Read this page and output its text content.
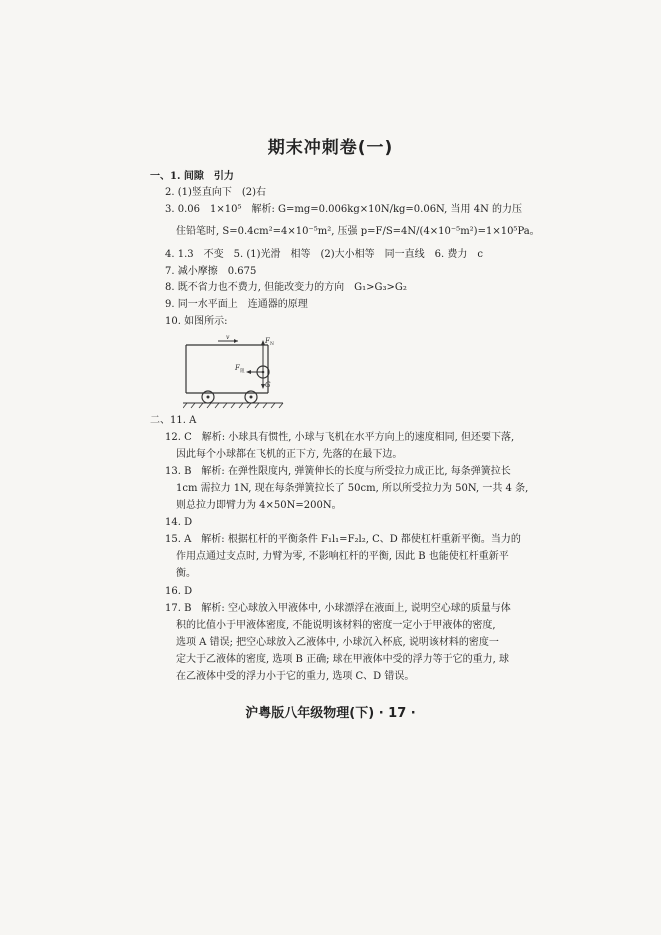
期末冲刺卷(一)
一、1. 间隙　引力
2. (1)竖直向下　(2)右
3. 0.06　1×10⁵　解析: G=mg=0.006kg×10N/kg=0.06N, 当用 4N 的力压
住铅笔时, S=0.4cm²=4×10⁻⁵m², 压强 p=F/S=4N/(4×10⁻⁵m²)=1×10⁵Pa。
4. 1.3　不变　5. (1)光滑　相等　(2)大小相等　同一直线　6. 费力　c
7. 减小摩擦　0.675
8. 既不省力也不费力, 但能改变力的方向　G₁>G₃>G₂
9. 同一水平面上　连通器的原理
10. 如图所示:
v	F N
F 阻
G
二、11. A
12. C　解析: 小球具有惯性, 小球与飞机在水平方向上的速度相同, 但还要下落,
因此每个小球都在飞机的正下方, 先落的在最下边。
13. B　解析: 在弹性限度内, 弹簧伸长的长度与所受拉力成正比, 每条弹簧拉长
1cm 需拉力 1N, 现在每条弹簧拉长了 50cm, 所以所受拉力为 50N, 一共 4 条,
则总拉力即臂力为 4×50N=200N。
14. D
15. A　解析: 根据杠杆的平衡条件 F₁l₁=F₂l₂, C、D 都使杠杆重新平衡。当力的
作用点通过支点时, 力臂为零, 不影响杠杆的平衡, 因此 B 也能使杠杆重新平
衡。
16. D
17. B　解析: 空心球放入甲液体中, 小球漂浮在液面上, 说明空心球的质量与体
积的比值小于甲液体密度, 不能说明该材料的密度一定小于甲液体的密度,
选项 A 错误; 把空心球放入乙液体中, 小球沉入杯底, 说明该材料的密度一
定大于乙液体的密度, 选项 B 正确; 球在甲液体中受的浮力等于它的重力, 球
在乙液体中受的浮力小于它的重力, 选项 C、D 错误。
沪粤版八年级物理(下) · 17 ·
